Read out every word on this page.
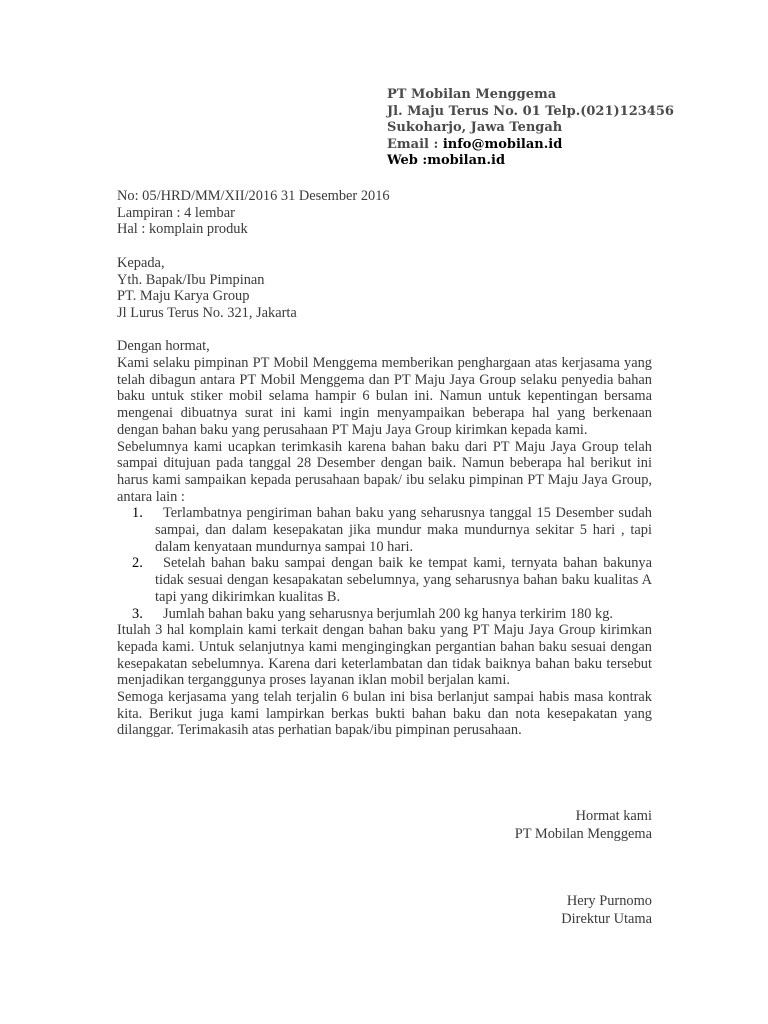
PT Mobilan Menggema
Jl. Maju Terus No. 01 Telp.(021)123456
Sukoharjo, Jawa Tengah
Email : info@mobilan.id
Web :mobilan.id
No: 05/HRD/MM/XII/2016 31 Desember 2016
Lampiran : 4 lembar
Hal : komplain produk
Kepada,
Yth. Bapak/Ibu Pimpinan
PT. Maju Karya Group
Jl Lurus Terus No. 321, Jakarta
Dengan hormat,
Kami selaku pimpinan PT Mobil Menggema memberikan penghargaan atas kerjasama yang telah dibagun antara PT Mobil Menggema dan PT Maju Jaya Group selaku penyedia bahan baku untuk stiker mobil selama hampir 6 bulan ini. Namun untuk kepentingan bersama mengenai dibuatnya surat ini kami ingin menyampaikan beberapa hal yang berkenaan dengan bahan baku yang perusahaan PT Maju Jaya Group kirimkan kepada kami.
Sebelumnya kami ucapkan terimkasih karena bahan baku dari PT Maju Jaya Group telah sampai ditujuan pada tanggal 28 Desember dengan baik. Namun beberapa hal berikut ini harus kami sampaikan kepada perusahaan bapak/ ibu selaku pimpinan PT Maju Jaya Group, antara lain :
1.	Terlambatnya pengiriman bahan baku yang seharusnya tanggal 15 Desember sudah sampai, dan dalam kesepakatan jika mundur maka mundurnya sekitar 5 hari , tapi dalam kenyataan mundurnya sampai 10 hari.
2.	Setelah bahan baku sampai dengan baik ke tempat kami, ternyata bahan bakunya tidak sesuai dengan kesapakatan sebelumnya, yang seharusnya bahan baku kualitas A tapi yang dikirimkan kualitas B.
3.	Jumlah bahan baku yang seharusnya berjumlah 200 kg hanya terkirim 180 kg.
Itulah 3 hal komplain kami terkait dengan bahan baku yang PT Maju Jaya Group kirimkan kepada kami. Untuk selanjutnya kami mengingingkan pergantian bahan baku sesuai dengan kesepakatan sebelumnya. Karena dari keterlambatan dan tidak baiknya bahan baku tersebut menjadikan terganggunya proses layanan iklan mobil berjalan kami.
Semoga kerjasama yang telah terjalin 6 bulan ini bisa berlanjut sampai habis masa kontrak kita. Berikut juga kami lampirkan berkas bukti bahan baku dan nota kesepakatan yang dilanggar. Terimakasih atas perhatian bapak/ibu pimpinan perusahaan.
Hormat kami
PT Mobilan Menggema
Hery Purnomo
Direktur Utama
